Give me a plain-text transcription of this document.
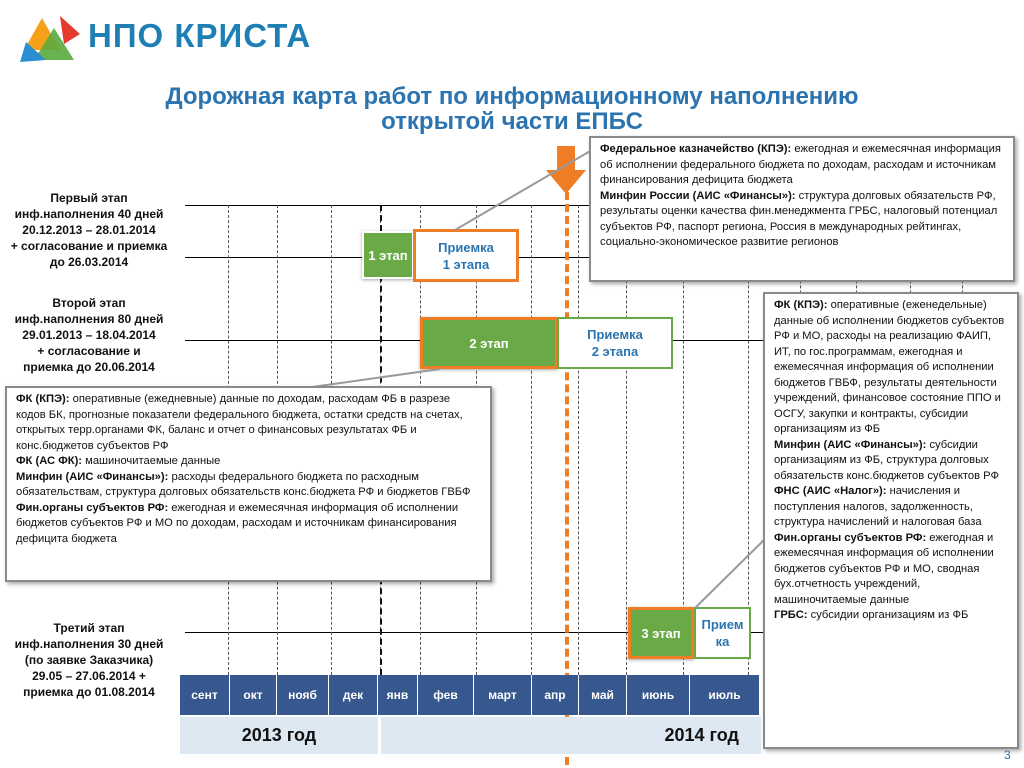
НПО КРИСТА
Дорожная карта работ по информационному наполнению
открытой части ЕПБС
Первый этап
инф.наполнения 40 дней
20.12.2013 – 28.01.2014
+ согласование и приемка
до 26.03.2014
Второй этап
инф.наполнения 80 дней
29.01.2013 – 18.04.2014
+ согласование и
приемка до 20.06.2014
Третий этап
инф.наполнения 30 дней
(по заявке Заказчика)
29.05 – 27.06.2014 +
приемка до 01.08.2014
1 этап
Приемка
1 этапа
2 этап
Приемка
2 этапа
3 этап
Прием
ка
сент	окт	нояб	дек	янв	фев	март	апр	май	июнь	июль
2013 год	2014 год
Федеральное казначейство (КПЭ): ежегодная и ежемесячная информация об исполнении федерального бюджета по доходам, расходам и источникам финансирования дефицита бюджета
Минфин России (АИС «Финансы»): структура долговых обязательств РФ, результаты оценки качества фин.менеджмента ГРБС, налоговый потенциал субъектов РФ, паспорт региона, Россия в международных рейтингах, социально-экономическое развитие регионов
ФК (КПЭ): оперативные (ежедневные) данные по доходам, расходам ФБ в разрезе кодов БК, прогнозные показатели федерального бюджета, остатки средств на счетах, открытых терр.органами ФК, баланс и отчет о финансовых результатах ФБ и конс.бюджетов субъектов РФ
ФК (АС ФК): машиночитаемые данные
Минфин (АИС «Финансы»): расходы федерального бюджета по расходным обязательствам, структура долговых обязательств конс.бюджета РФ и бюджетов ГВБФ
Фин.органы субъектов РФ: ежегодная и ежемесячная информация об исполнении бюджетов субъектов РФ и МО по доходам, расходам и источникам финансирования дефицита бюджета
ФК (КПЭ): оперативные (еженедельные) данные об исполнении бюджетов субъектов РФ и МО, расходы на реализацию ФАИП, ИТ, по гос.программам, ежегодная и ежемесячная информация об исполнении бюджетов ГВБФ, результаты деятельности учреждений, финансовое состояние ППО и ОСГУ, закупки и контракты, субсидии организациям из ФБ
Минфин (АИС «Финансы»): субсидии организациям из ФБ, структура долговых обязательств конс.бюджетов субъектов РФ
ФНС (АИС «Налог»): начисления и поступления налогов, задолженность, структура начислений и налоговая база
Фин.органы субъектов РФ: ежегодная и ежемесячная информация об исполнении бюджетов субъектов РФ и МО, сводная бух.отчетность учреждений, машиночитаемые данные
ГРБС: субсидии организациям из ФБ
3
